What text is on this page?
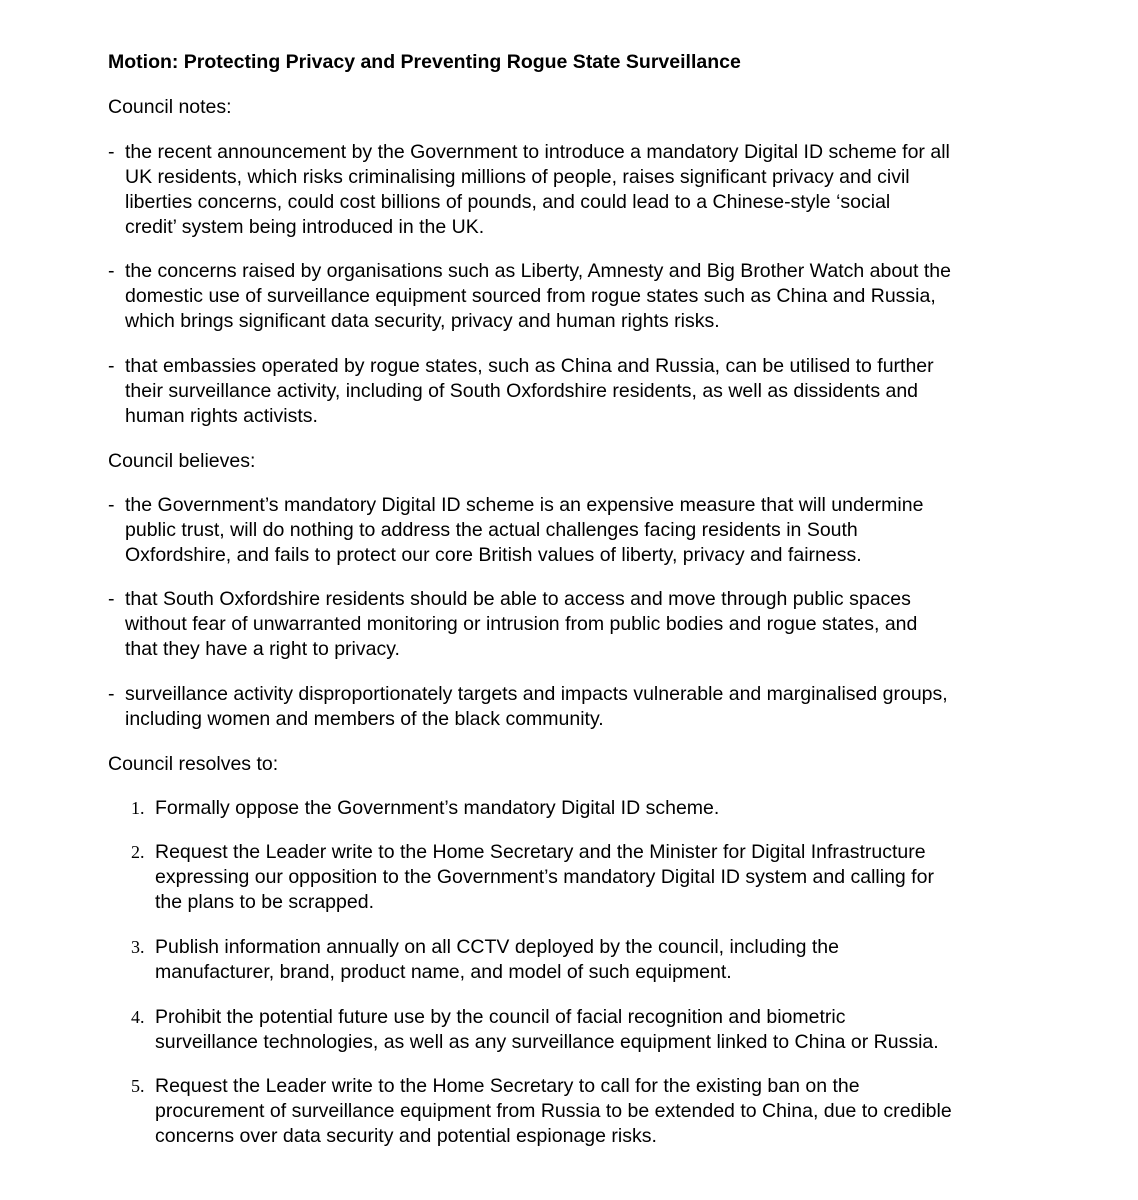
Motion: Protecting Privacy and Preventing Rogue State Surveillance
Council notes:
- the recent announcement by the Government to introduce a mandatory Digital ID scheme for all
UK residents, which risks criminalising millions of people, raises significant privacy and civil
liberties concerns, could cost billions of pounds, and could lead to a Chinese-style ‘social
credit’ system being introduced in the UK.
- the concerns raised by organisations such as Liberty, Amnesty and Big Brother Watch about the
domestic use of surveillance equipment sourced from rogue states such as China and Russia,
which brings significant data security, privacy and human rights risks.
- that embassies operated by rogue states, such as China and Russia, can be utilised to further
their surveillance activity, including of South Oxfordshire residents, as well as dissidents and
human rights activists.
Council believes:
- the Government’s mandatory Digital ID scheme is an expensive measure that will undermine
public trust, will do nothing to address the actual challenges facing residents in South
Oxfordshire, and fails to protect our core British values of liberty, privacy and fairness.
- that South Oxfordshire residents should be able to access and move through public spaces
without fear of unwarranted monitoring or intrusion from public bodies and rogue states, and
that they have a right to privacy.
- surveillance activity disproportionately targets and impacts vulnerable and marginalised groups,
including women and members of the black community.
Council resolves to:
1. Formally oppose the Government’s mandatory Digital ID scheme.
2. Request the Leader write to the Home Secretary and the Minister for Digital Infrastructure
expressing our opposition to the Government’s mandatory Digital ID system and calling for
the plans to be scrapped.
3. Publish information annually on all CCTV deployed by the council, including the
manufacturer, brand, product name, and model of such equipment.
4. Prohibit the potential future use by the council of facial recognition and biometric
surveillance technologies, as well as any surveillance equipment linked to China or Russia.
5. Request the Leader write to the Home Secretary to call for the existing ban on the
procurement of surveillance equipment from Russia to be extended to China, due to credible
concerns over data security and potential espionage risks.
